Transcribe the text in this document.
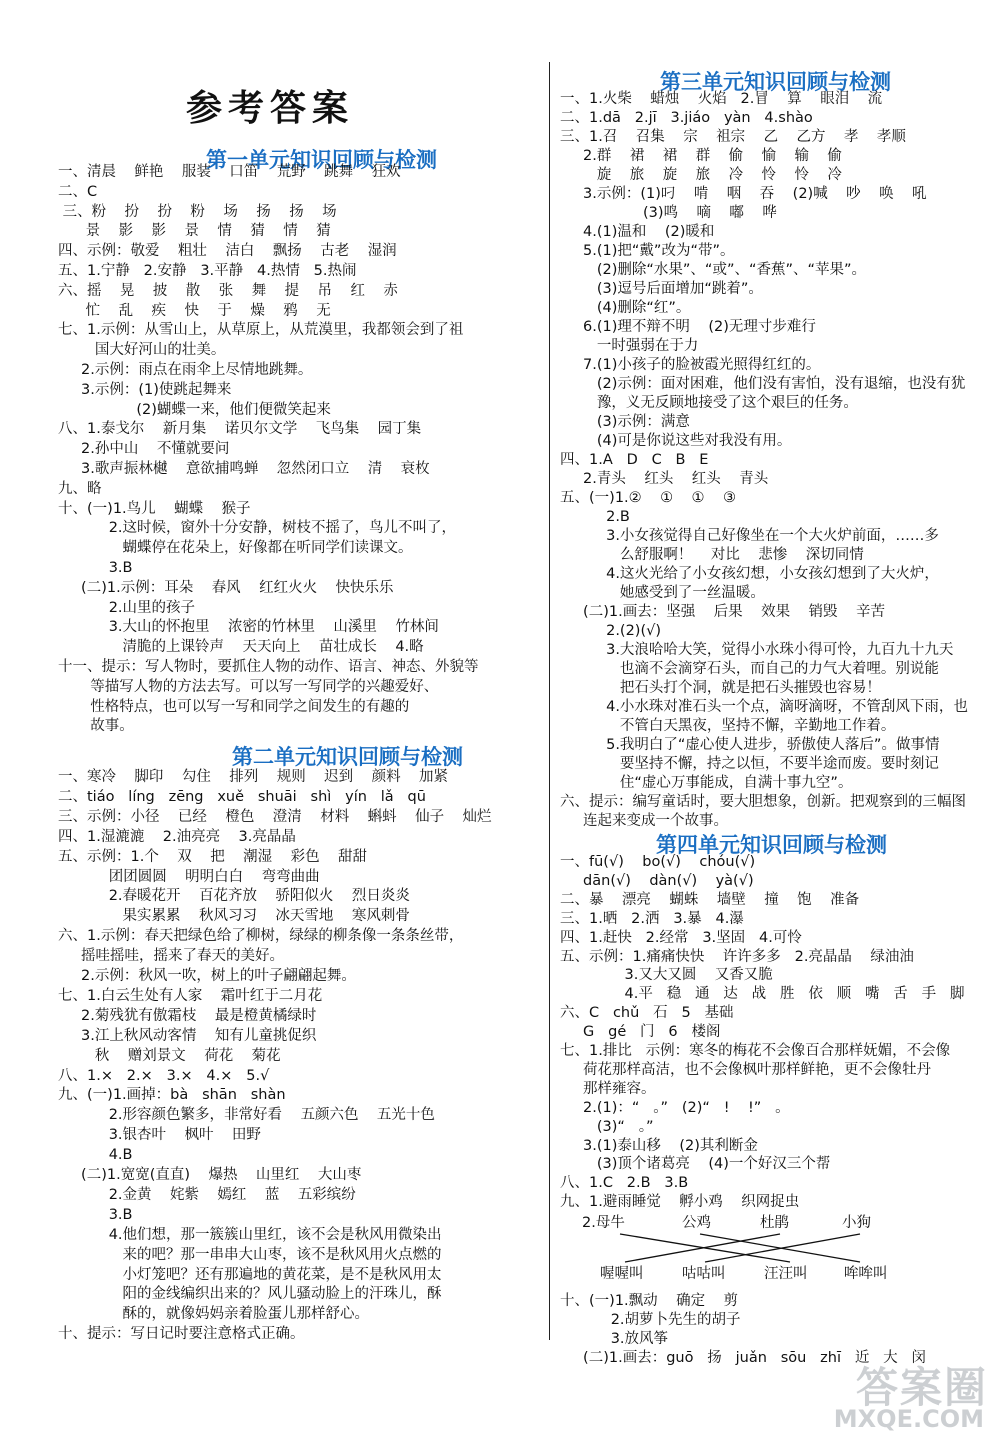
参考答案
第一单元知识回顾与检测
一、清晨    鲜艳    服装    口笛    荒野    跳舞    狂欢
二、C
三、粉    扮    扮    粉    场    扬    扬    场
景    影    影    景    情    猜    情    猜
四、示例：敬爱    粗壮    洁白    飘扬    古老    湿润
五、1.宁静   2.安静   3.平静   4.热情   5.热闹
六、摇    晃    披    散    张    舞    提    吊    红    赤
忙    乱    疾    快    于    燥    鸦    无
七、1.示例：从雪山上，从草原上，从荒漠里，我都领会到了祖
国大好河山的壮美。
2.示例：雨点在雨伞上尽情地跳舞。
3.示例：(1)使跳起舞来
(2)蝴蝶一来，他们便微笑起来
八、1.泰戈尔    新月集    诺贝尔文学    飞鸟集    园丁集
2.孙中山    不懂就要问
3.歌声振林樾    意欲捕鸣蝉    忽然闭口立    清    衰枚
九、略
十、(一)1.鸟儿    蝴蝶    猴子
2.这时候，窗外十分安静，树枝不摇了，鸟儿不叫了，
蝴蝶停在花朵上，好像都在听同学们读课文。
3.B
(二)1.示例：耳朵    春风    红红火火    快快乐乐
2.山里的孩子
3.大山的怀抱里    浓密的竹林里    山溪里    竹林间
清脆的上课铃声    天天向上    苗壮成长    4.略
十一、提示：写人物时，要抓住人物的动作、语言、神态、外貌等
等描写人物的方法去写。可以写一写同学的兴趣爱好、
性格特点，也可以写一写和同学之间发生的有趣的
故事。
第二单元知识回顾与检测
一、寒冷    脚印    勾住    排列    规则    迟到    颜料    加紧
二、tiáo   líng   zēng   xuě   shuāi   shì   yín   lǎ   qū
三、示例：小径    已经    橙色    澄清    材料    蝌蚪    仙子    灿烂
四、1.湿漉漉    2.油亮亮    3.亮晶晶
五、示例：1.个    双    把    潮湿    彩色    甜甜
团团圆圆    明明白白    弯弯曲曲
2.春暖花开    百花齐放    骄阳似火    烈日炎炎
果实累累    秋风习习    冰天雪地    寒风刺骨
六、1.示例：春天把绿色给了柳树，绿绿的柳条像一条条丝带，
摇哇摇哇，摇来了春天的美好。
2.示例：秋风一吹，树上的叶子翩翩起舞。
七、1.白云生处有人家    霜叶红于二月花
2.菊残犹有傲霜枝    最是橙黄橘绿时
3.江上秋风动客情    知有儿童挑促织
秋    赠刘景文    荷花    菊花
八、1.×   2.×   3.×   4.×   5.√
九、(一)1.画掉：bà   shān   shàn
2.形容颜色繁多，非常好看    五颜六色    五光十色
3.银杏叶    枫叶    田野
4.B
(二)1.宽宽(直直)    爆热    山里红    大山枣
2.金黄    姹紫    嫣红    蓝    五彩缤纷
3.B
4.他们想，那一簇簇山里红，该不会是秋风用微染出
来的吧？那一串串大山枣，该不是秋风用火点燃的
小灯笼吧？还有那遍地的黄花菜，是不是秋风用太
阳的金线编织出来的？风儿骚动脸上的汗珠儿，酥
酥的，就像妈妈亲着脸蛋儿那样舒心。
十、提示：写日记时要注意格式正确。
第三单元知识回顾与检测
一、1.火柴    蜡烛    火焰   2.冒    算    眼泪    流
二、1.dā   2.jī   3.jiáo   yàn   4.shào
三、1.召    召集    宗    祖宗    乙    乙方    孝    孝顺
2.群    裙    裙    群    偷    愉    输    偷
旋    旅    旋    旅    冷    怜    怜    冷
3.示例：(1)叼    啃    咽    吞    (2)喊    吵    唤    吼
(3)鸣    嘀    嘟    哗
4.(1)温和    (2)暖和
5.(1)把“戴”改为“带”。
(2)删除“水果”、“或”、“香蕉”、“苹果”。
(3)逗号后面增加“跳着”。
(4)删除“红”。
6.(1)理不辩不明    (2)无理寸步难行
一时强弱在于力
7.(1)小孩子的脸被霞光照得红红的。
(2)示例：面对困难，他们没有害怕，没有退缩，也没有犹
豫，义无反顾地接受了这个艰巨的任务。
(3)示例：满意
(4)可是你说这些对我没有用。
四、1.A   D   C   B   E
2.青头    红头    红头    青头
五、(一)1.②    ①    ①    ③
2.B
3.小女孩觉得自己好像坐在一个大火炉前面，……多
么舒服啊！    对比    悲惨    深切同情
4.这火光给了小女孩幻想，小女孩幻想到了大火炉，
她感受到了一丝温暖。
(二)1.画去：坚强    后果    效果    销毁    辛苦
2.(2)(√)
3.大浪哈哈大笑，觉得小水珠小得可怜，九百九十九天
也滴不会滴穿石头，而自己的力气大着哩。别说能
把石头打个洞，就是把石头摧毁也容易！
4.小水珠对准石头一个点，滴呀滴呀，不管刮风下雨，也
不管白天黑夜，坚持不懈，辛勤地工作着。
5.我明白了“虚心使人进步，骄傲使人落后”。做事情
要坚持不懈，持之以恒，不要半途而废。要时刻记
住“虚心万事能成，自满十事九空”。
六、提示：编写童话时，要大胆想象，创新。把观察到的三幅图
连起来变成一个故事。
第四单元知识回顾与检测
一、fū(√)    bo(√)    chóu(√)
dān(√)    dàn(√)    yà(√)
二、暴    漂亮    蝴蛛    墙壁    撞    饱    准备
三、1.晒   2.洒   3.暴   4.瀑
四、1.赶快   2.经常   3.坚固   4.可怜
五、示例：1.痛痛快快    许许多多   2.亮晶晶    绿油油
3.又大又圆    又香又脆
4.平   稳   通   达   战   胜   依   顺   嘴   舌   手   脚
六、C   chǔ   石   5   基础
G   gé   门   6   楼阁
七、1.排比   示例：寒冬的梅花不会像百合那样妩媚，不会像
荷花那样高洁，也不会像枫叶那样鲜艳，更不会像牡丹
那样雍容。
2.(1)：“   。”   (2)“   !    !”   。
(3)“   。”
3.(1)泰山移    (2)其利断金
(3)顶个诸葛亮    (4)一个好汉三个帮
八、1.C   2.B   3.B
九、1.避雨睡觉    孵小鸡    织网捉虫
2.母牛	公鸡	杜鹃	小狗
喔喔叫	咕咕叫	汪汪叫	哞哞叫
十、(一)1.飘动    确定    剪
2.胡萝卜先生的胡子
3.放风筝
(二)1.画去：guō   扬   juǎn   sōu   zhī   近   大   闵
答案圈
MXQE.COM
